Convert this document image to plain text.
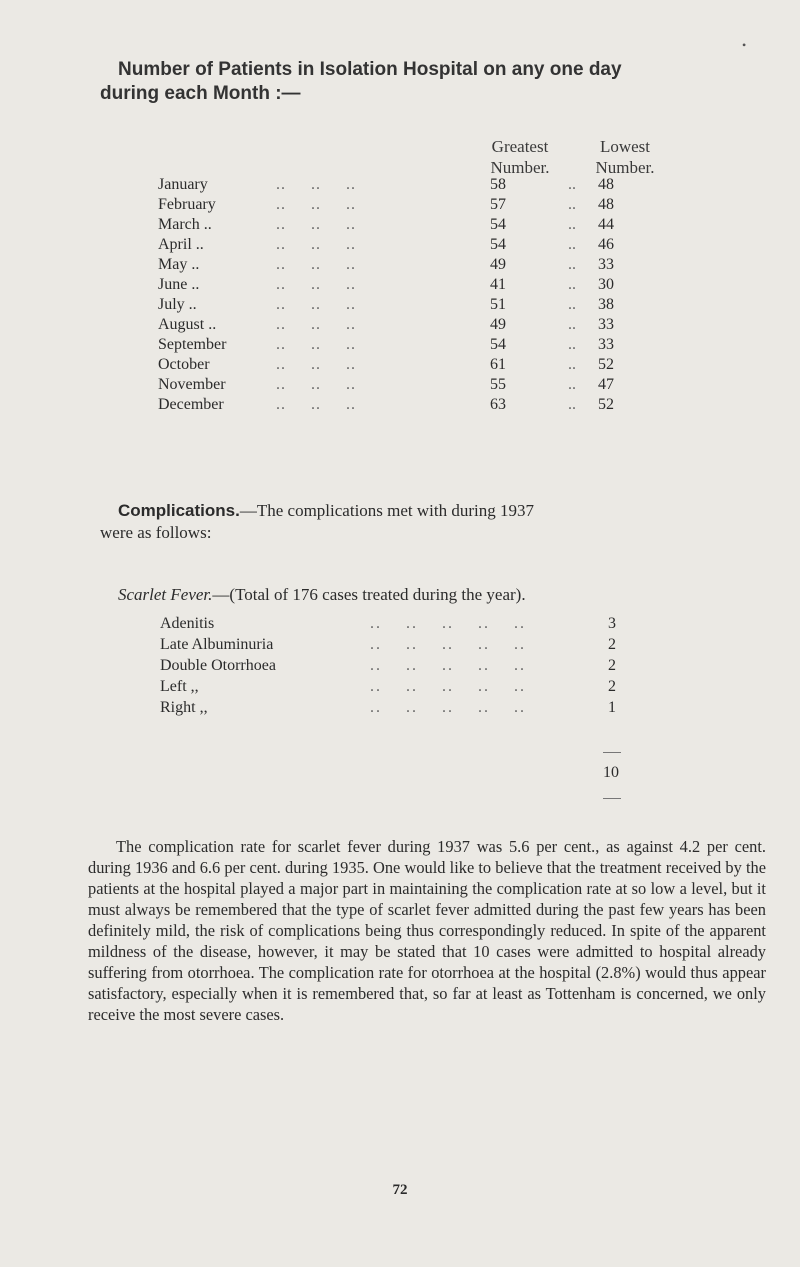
•
Number of Patients in Isolation Hospital on any one day
during each Month :—
Greatest
Number.
Lowest
Number.
January	..     ..     ..	58	..	48
February	..     ..     ..	57	..	48
March ..	..     ..     ..	54	..	44
April ..	..     ..     ..	54	..	46
May ..	..     ..     ..	49	..	33
June ..	..     ..     ..	41	..	30
July ..	..     ..     ..	51	..	38
August ..	..     ..     ..	49	..	33
September	..     ..     ..	54	..	33
October	..     ..     ..	61	..	52
November	..     ..     ..	55	..	47
December	..     ..     ..	63	..	52
Complications.—The complications met with during 1937
were as follows:
Scarlet Fever.—(Total of 176 cases treated during the year).
Adenitis	..    ..    ..    ..    ..	3
Late Albuminuria	..    ..    ..    ..    ..	2
Double Otorrhoea	..    ..    ..    ..    ..	2
Left ,,	..    ..    ..    ..    ..	2
Right ,,	..    ..    ..    ..    ..	1
10
The complication rate for scarlet fever during 1937 was 5.6 per cent., as against 4.2 per cent. during 1936 and 6.6 per cent. during 1935. One would like to believe that the treatment received by the patients at the hospital played a major part in maintaining the complication rate at so low a level, but it must always be remembered that the type of scarlet fever admitted during the past few years has been definitely mild, the risk of complications being thus correspondingly reduced. In spite of the apparent mildness of the disease, however, it may be stated that 10 cases were admitted to hospital already suffering from otorrhoea. The complication rate for otorrhoea at the hospital (2.8%) would thus appear satisfactory, especially when it is remembered that, so far at least as Tottenham is concerned, we only receive the most severe cases.
72
